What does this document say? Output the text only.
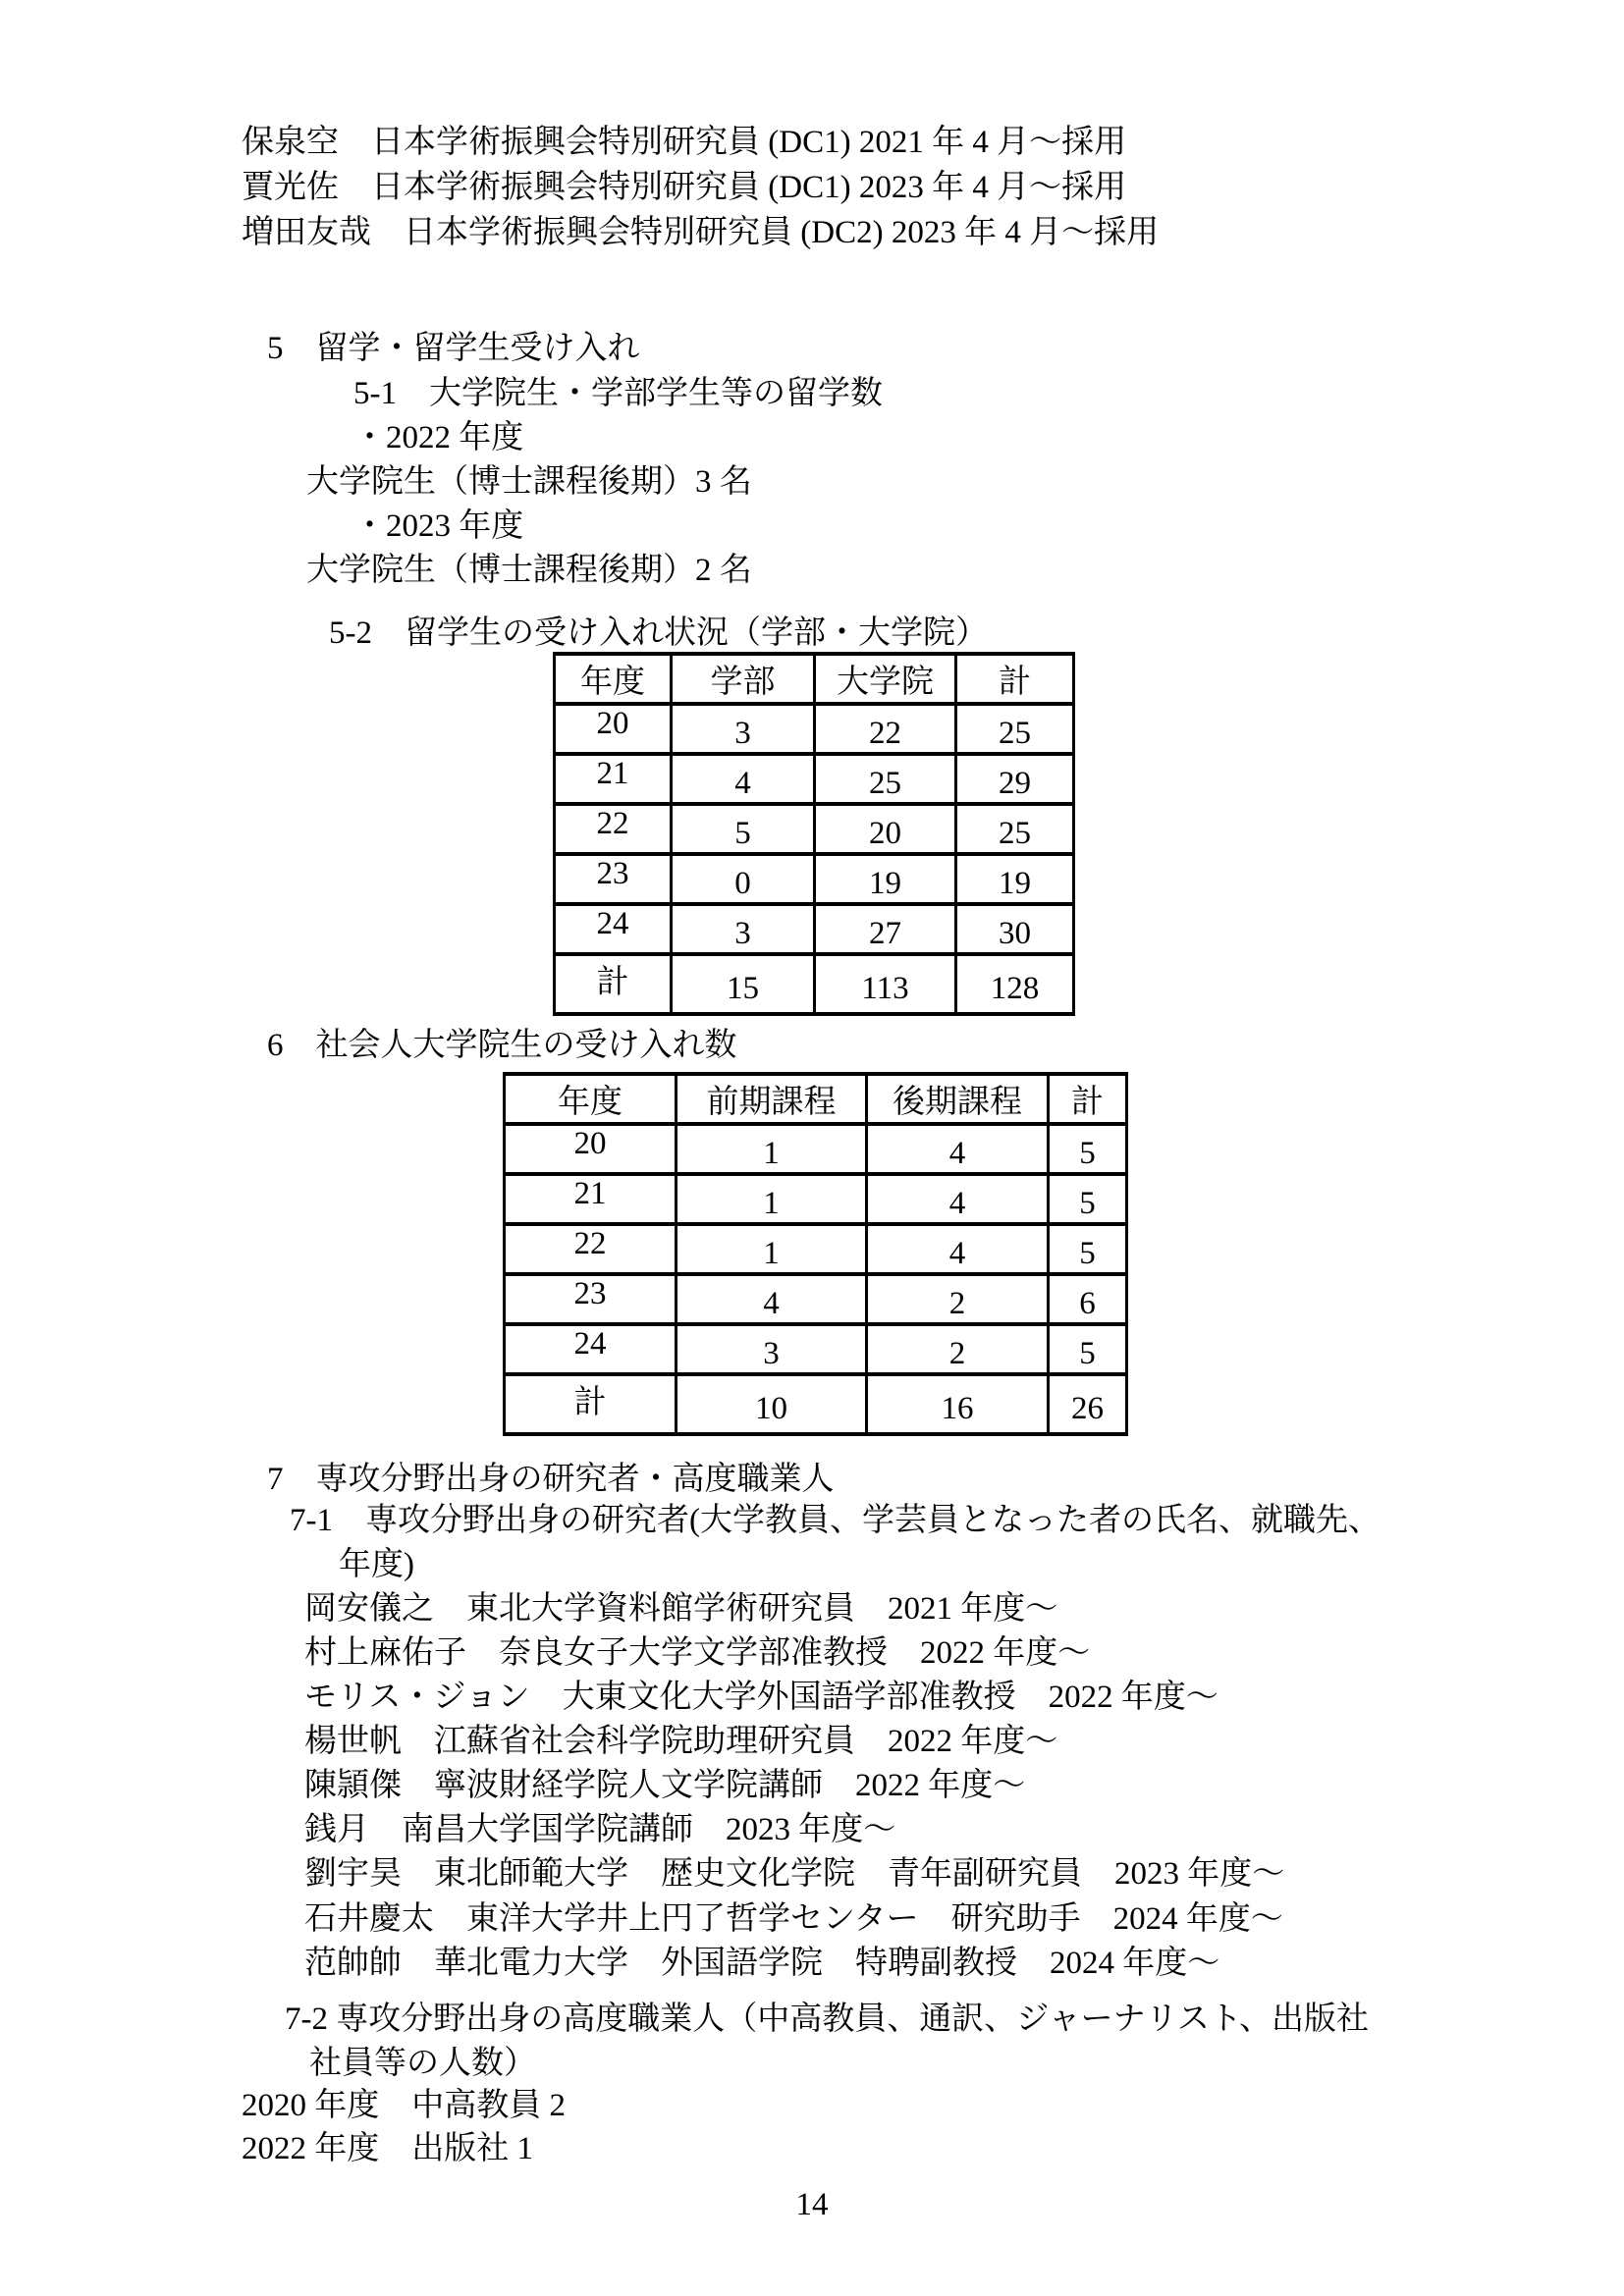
保泉空　日本学術振興会特別研究員 (DC1) 2021 年 4 月～採用
賈光佐　日本学術振興会特別研究員 (DC1) 2023 年 4 月～採用
増田友哉　日本学術振興会特別研究員 (DC2) 2023 年 4 月～採用
5　留学・留学生受け入れ
5-1　大学院生・学部学生等の留学数
・2022 年度
大学院生（博士課程後期）3 名
・2023 年度
大学院生（博士課程後期）2 名
5-2　留学生の受け入れ状況（学部・大学院）
年度	学部	大学院	計
20	3	22	25
21	4	25	29
22	5	20	25
23	0	19	19
24	3	27	30
計	15	113	128
6　社会人大学院生の受け入れ数
年度	前期課程	後期課程	計
20	1	4	5
21	1	4	5
22	1	4	5
23	4	2	6
24	3	2	5
計	10	16	26
7　専攻分野出身の研究者・高度職業人
7-1　専攻分野出身の研究者(大学教員、学芸員となった者の氏名、就職先、
年度)
岡安儀之　東北大学資料館学術研究員　2021 年度～
村上麻佑子　奈良女子大学文学部准教授　2022 年度～
モリス・ジョン　大東文化大学外国語学部准教授　2022 年度～
楊世帆　江蘇省社会科学院助理研究員　2022 年度～
陳頴傑　寧波財経学院人文学院講師　2022 年度～
銭月　南昌大学国学院講師　2023 年度～
劉宇昊　東北師範大学　歴史文化学院　青年副研究員　2023 年度～
石井慶太　東洋大学井上円了哲学センター　研究助手　2024 年度～
范帥帥　華北電力大学　外国語学院　特聘副教授　2024 年度～
7-2 専攻分野出身の高度職業人（中高教員、通訳、ジャーナリスト、出版社
社員等の人数）
2020 年度　中高教員 2
2022 年度　出版社 1
14
